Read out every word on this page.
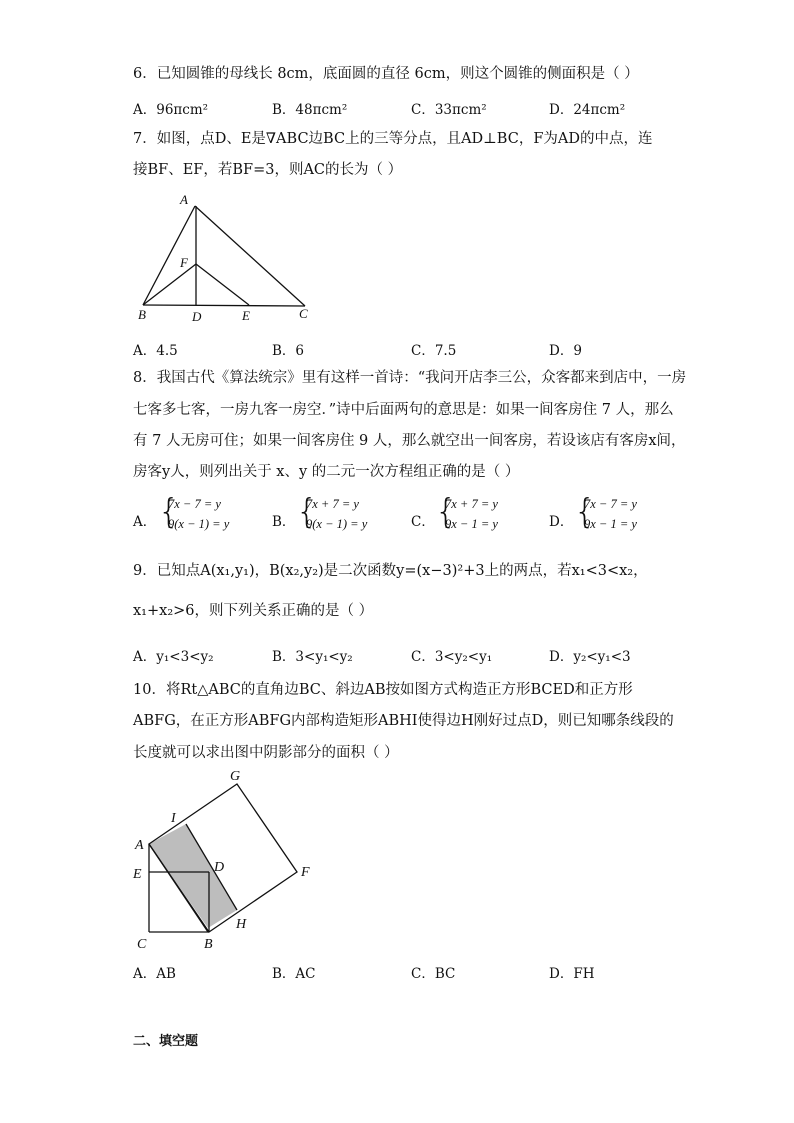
6．已知圆锥的母线长 8cm，底面圆的直径 6cm，则这个圆锥的侧面积是（ ）
A．96πcm²	B．48πcm²	C．33πcm²	D．24πcm²
7．如图，点D、E是∇ABC边BC上的三等分点，且AD⊥BC，F为AD的中点，连
接BF、EF，若BF=3，则AC的长为（ ）
A
F
B	D	E	C
A．4.5	B．6	C．7.5	D．9
8．我国古代《算法统宗》里有这样一首诗：“我问开店李三公，众客都来到店中，一房
七客多七客，一房九客一房空．”诗中后面两句的意思是：如果一间客房住 7 人，那么
有 7 人无房可住；如果一间客房住 9 人，那么就空出一间客房，若设该店有客房x间，
房客y人，则列出关于 x、y 的二元一次方程组正确的是（ ）
A． {
7x − 7 = y
9(x − 1) = y	B． {
7x + 7 = y
9(x − 1) = y	C． {
7x + 7 = y
9x − 1 = y	D． {
7x − 7 = y
9x − 1 = y
9．已知点A(x₁,y₁)，B(x₂,y₂)是二次函数y=(x−3)²+3上的两点，若x₁<3<x₂，
x₁+x₂>6，则下列关系正确的是（ ）
A．y₁<3<y₂	B．3<y₁<y₂	C．3<y₂<y₁	D．y₂<y₁<3
10．将Rt△ABC的直角边BC、斜边AB按如图方式构造正方形BCED和正方形
ABFG，在正方形ABFG内部构造矩形ABHI使得边H刚好过点D，则已知哪条线段的
长度就可以求出图中阴影部分的面积（ ）
G
I
A
D
E	F
H
C	B
A．AB	B．AC	C．BC	D．FH
二、填空题
